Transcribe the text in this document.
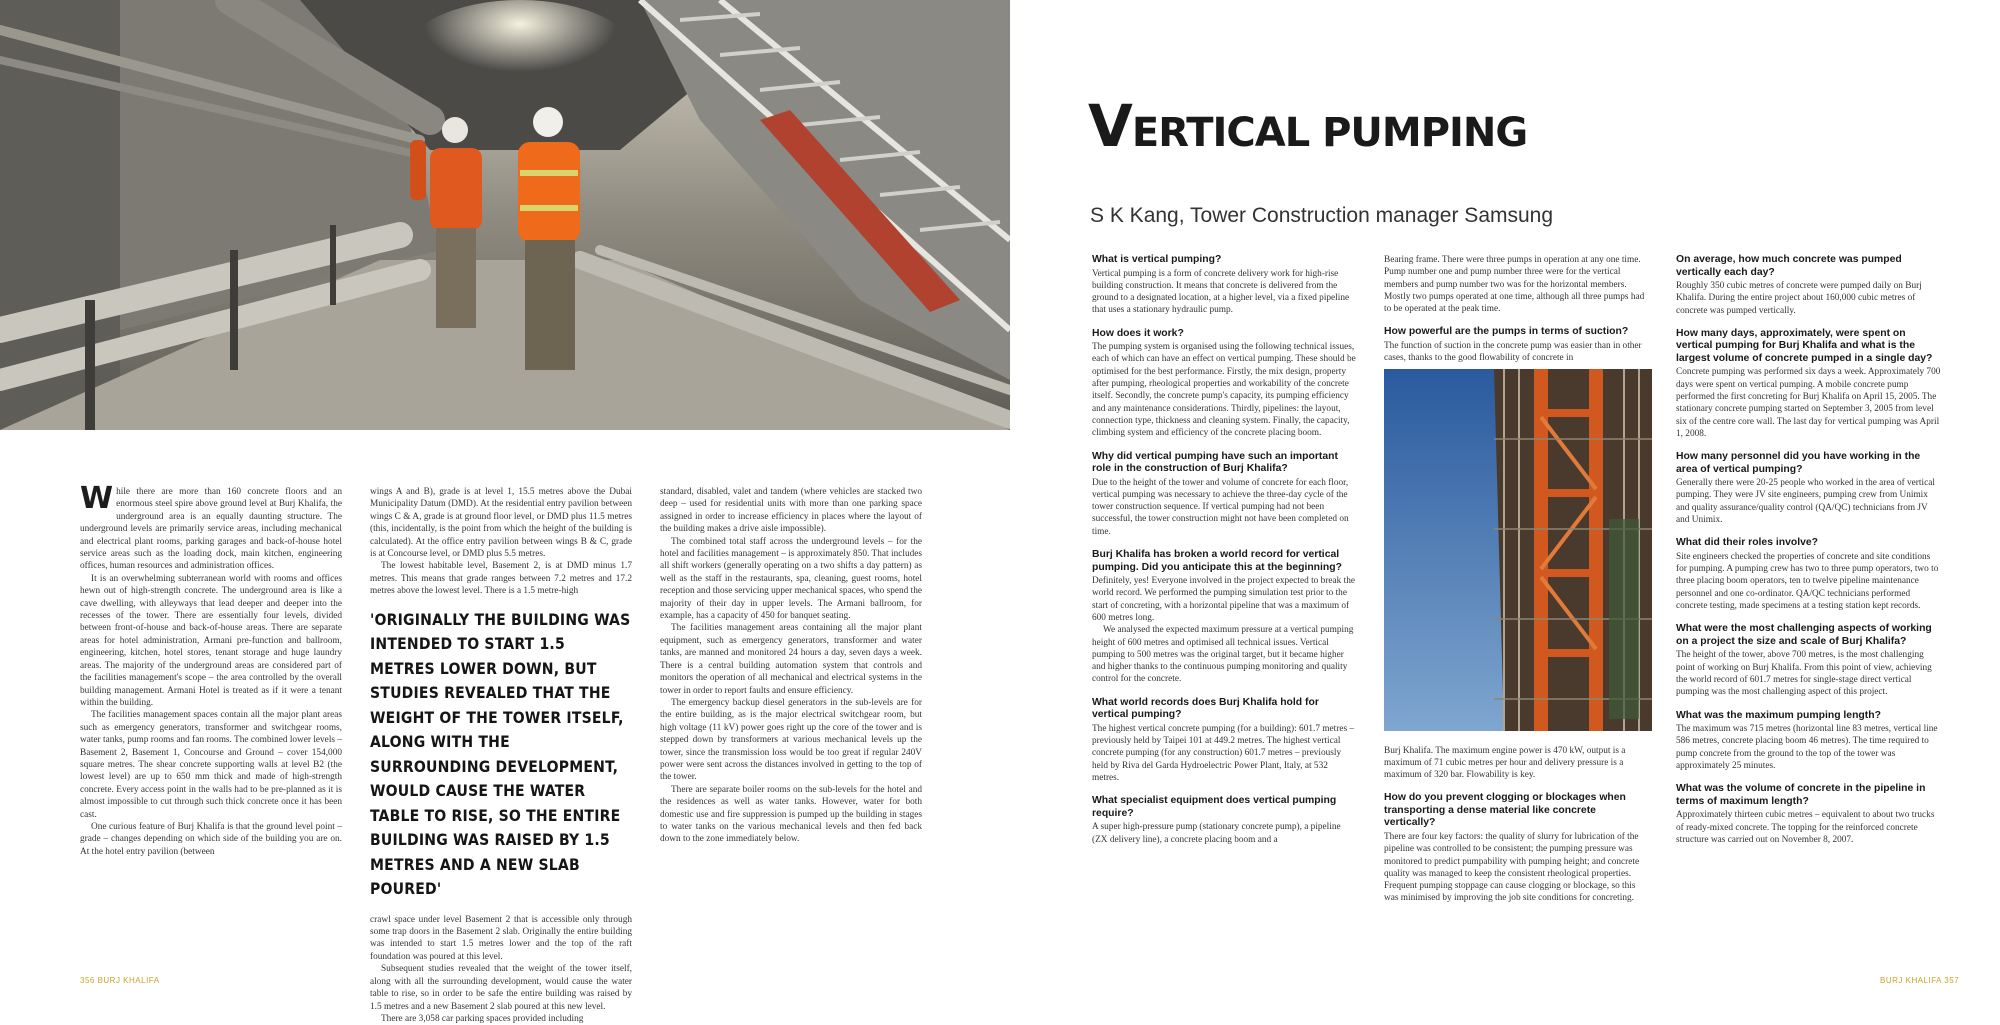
While there are more than 160 concrete floors and an enormous steel spire above ground level at Burj Khalifa, the underground area is an equally daunting structure. The underground levels are primarily service areas, including mechanical and electrical plant rooms, parking garages and back-of-house hotel service areas such as the loading dock, main kitchen, engineering offices, human resources and administration offices.

It is an overwhelming subterranean world with rooms and offices hewn out of high-strength concrete. The underground area is like a cave dwelling, with alleyways that lead deeper and deeper into the recesses of the tower. There are essentially four levels, divided between front-of-house and back-of-house areas. There are separate areas for hotel administration, Armani pre-function and ballroom, engineering, kitchen, hotel stores, tenant storage and huge laundry areas. The majority of the underground areas are considered part of the facilities management's scope – the area controlled by the overall building management. Armani Hotel is treated as if it were a tenant within the building.

The facilities management spaces contain all the major plant areas such as emergency generators, transformer and switchgear rooms, water tanks, pump rooms and fan rooms. The combined lower levels – Basement 2, Basement 1, Concourse and Ground – cover 154,000 square metres. The shear concrete supporting walls at level B2 (the lowest level) are up to 650 mm thick and made of high-strength concrete. Every access point in the walls had to be pre-planned as it is almost impossible to cut through such thick concrete once it has been cast.

One curious feature of Burj Khalifa is that the ground level point – grade – changes depending on which side of the building you are on. At the hotel entry pavilion (between

wings A and B), grade is at level 1, 15.5 metres above the Dubai Municipality Datum (DMD). At the residential entry pavilion between wings C & A, grade is at ground floor level, or DMD plus 11.5 metres (this, incidentally, is the point from which the height of the building is calculated). At the office entry pavilion between wings B & C, grade is at Concourse level, or DMD plus 5.5 metres.

The lowest habitable level, Basement 2, is at DMD minus 1.7 metres. This means that grade ranges between 7.2 metres and 17.2 metres above the lowest level. There is a 1.5 metre-high

'ORIGINALLY THE BUILDING WAS INTENDED TO START 1.5 METRES LOWER DOWN, BUT STUDIES REVEALED THAT THE WEIGHT OF THE TOWER ITSELF, ALONG WITH THE SURROUNDING DEVELOPMENT, WOULD CAUSE THE WATER TABLE TO RISE, SO THE ENTIRE BUILDING WAS RAISED BY 1.5 METRES AND A NEW SLAB POURED'

crawl space under level Basement 2 that is accessible only through some trap doors in the Basement 2 slab. Originally the entire building was intended to start 1.5 metres lower and the top of the raft foundation was poured at this level.

Subsequent studies revealed that the weight of the tower itself, along with all the surrounding development, would cause the water table to rise, so in order to be safe the entire building was raised by 1.5 metres and a new Basement 2 slab poured at this new level.

There are 3,058 car parking spaces provided including

standard, disabled, valet and tandem (where vehicles are stacked two deep – used for residential units with more than one parking space assigned in order to increase efficiency in places where the layout of the building makes a drive aisle impossible).

The combined total staff across the underground levels – for the hotel and facilities management – is approximately 850. That includes all shift workers (generally operating on a two shifts a day pattern) as well as the staff in the restaurants, spa, cleaning, guest rooms, hotel reception and those servicing upper mechanical spaces, who spend the majority of their day in upper levels. The Armani ballroom, for example, has a capacity of 450 for banquet seating.

The facilities management areas containing all the major plant equipment, such as emergency generators, transformer and water tanks, are manned and monitored 24 hours a day, seven days a week. There is a central building automation system that controls and monitors the operation of all mechanical and electrical systems in the tower in order to report faults and ensure efficiency.

The emergency backup diesel generators in the sub-levels are for the entire building, as is the major electrical switchgear room, but high voltage (11 kV) power goes right up the core of the tower and is stepped down by transformers at various mechanical levels up the tower, since the transmission loss would be too great if regular 240V power were sent across the distances involved in getting to the top of the tower.

There are separate boiler rooms on the sub-levels for the hotel and the residences as well as water tanks. However, water for both domestic use and fire suppression is pumped up the building in stages to water tanks on the various mechanical levels and then fed back down to the zone immediately below.

356 BURJ KHALIFA
VERTICAL PUMPING
S K Kang, Tower Construction manager Samsung
What is vertical pumping?

Vertical pumping is a form of concrete delivery work for high-rise building construction. It means that concrete is delivered from the ground to a designated location, at a higher level, via a fixed pipeline that uses a stationary hydraulic pump.

How does it work?

The pumping system is organised using the following technical issues, each of which can have an effect on vertical pumping. These should be optimised for the best performance. Firstly, the mix design, property after pumping, rheological properties and workability of the concrete itself. Secondly, the concrete pump's capacity, its pumping efficiency and any maintenance considerations. Thirdly, pipelines: the layout, connection type, thickness and cleaning system. Finally, the capacity, climbing system and efficiency of the concrete placing boom.

Why did vertical pumping have such an important role in the construction of Burj Khalifa?

Due to the height of the tower and volume of concrete for each floor, vertical pumping was necessary to achieve the three-day cycle of the tower construction sequence. If vertical pumping had not been successful, the tower construction might not have been completed on time.

Burj Khalifa has broken a world record for vertical pumping. Did you anticipate this at the beginning?

Definitely, yes! Everyone involved in the project expected to break the world record. We performed the pumping simulation test prior to the start of concreting, with a horizontal pipeline that was a maximum of 600 metres long.

We analysed the expected maximum pressure at a vertical pumping height of 600 metres and optimised all technical issues. Vertical pumping to 500 metres was the original target, but it became higher and higher thanks to the continuous pumping monitoring and quality control for the concrete.

What world records does Burj Khalifa hold for vertical pumping?

The highest vertical concrete pumping (for a building): 601.7 metres – previously held by Taipei 101 at 449.2 metres. The highest vertical concrete pumping (for any construction) 601.7 metres – previously held by Riva del Garda Hydroelectric Power Plant, Italy, at 532 metres.

What specialist equipment does vertical pumping require?

A super high-pressure pump (stationary concrete pump), a pipeline (ZX delivery line), a concrete placing boom and a

Bearing frame. There were three pumps in operation at any one time. Pump number one and pump number three were for the vertical members and pump number two was for the horizontal members. Mostly two pumps operated at one time, although all three pumps had to be operated at the peak time.

How powerful are the pumps in terms of suction?

The function of suction in the concrete pump was easier than in other cases, thanks to the good flowability of concrete in

Burj Khalifa. The maximum engine power is 470 kW, output is a maximum of 71 cubic metres per hour and delivery pressure is a maximum of 320 bar. Flowability is key.

How do you prevent clogging or blockages when transporting a dense material like concrete vertically?

There are four key factors: the quality of slurry for lubrication of the pipeline was controlled to be consistent; the pumping pressure was monitored to predict pumpability with pumping height; and concrete quality was managed to keep the consistent rheological properties. Frequent pumping stoppage can cause clogging or blockage, so this was minimised by improving the job site conditions for concreting.

On average, how much concrete was pumped vertically each day?

Roughly 350 cubic metres of concrete were pumped daily on Burj Khalifa. During the entire project about 160,000 cubic metres of concrete was pumped vertically.

How many days, approximately, were spent on vertical pumping for Burj Khalifa and what is the largest volume of concrete pumped in a single day?

Concrete pumping was performed six days a week. Approximately 700 days were spent on vertical pumping. A mobile concrete pump performed the first concreting for Burj Khalifa on April 15, 2005. The stationary concrete pumping started on September 3, 2005 from level six of the centre core wall. The last day for vertical pumping was April 1, 2008.

How many personnel did you have working in the area of vertical pumping?

Generally there were 20-25 people who worked in the area of vertical pumping. They were JV site engineers, pumping crew from Unimix and quality assurance/quality control (QA/QC) technicians from JV and Unimix.

What did their roles involve?

Site engineers checked the properties of concrete and site conditions for pumping. A pumping crew has two to three pump operators, two to three placing boom operators, ten to twelve pipeline maintenance personnel and one co-ordinator. QA/QC technicians performed concrete testing, made specimens at a testing station kept records.

What were the most challenging aspects of working on a project the size and scale of Burj Khalifa?

The height of the tower, above 700 metres, is the most challenging point of working on Burj Khalifa. From this point of view, achieving the world record of 601.7 metres for single-stage direct vertical pumping was the most challenging aspect of this project.

What was the maximum pumping length?

The maximum was 715 metres (horizontal line 83 metres, vertical line 586 metres, concrete placing boom 46 metres). The time required to pump concrete from the ground to the top of the tower was approximately 25 minutes.

What was the volume of concrete in the pipeline in terms of maximum length?

Approximately thirteen cubic metres – equivalent to about two trucks of ready-mixed concrete. The topping for the reinforced concrete structure was carried out on November 8, 2007.

BURJ KHALIFA 357
